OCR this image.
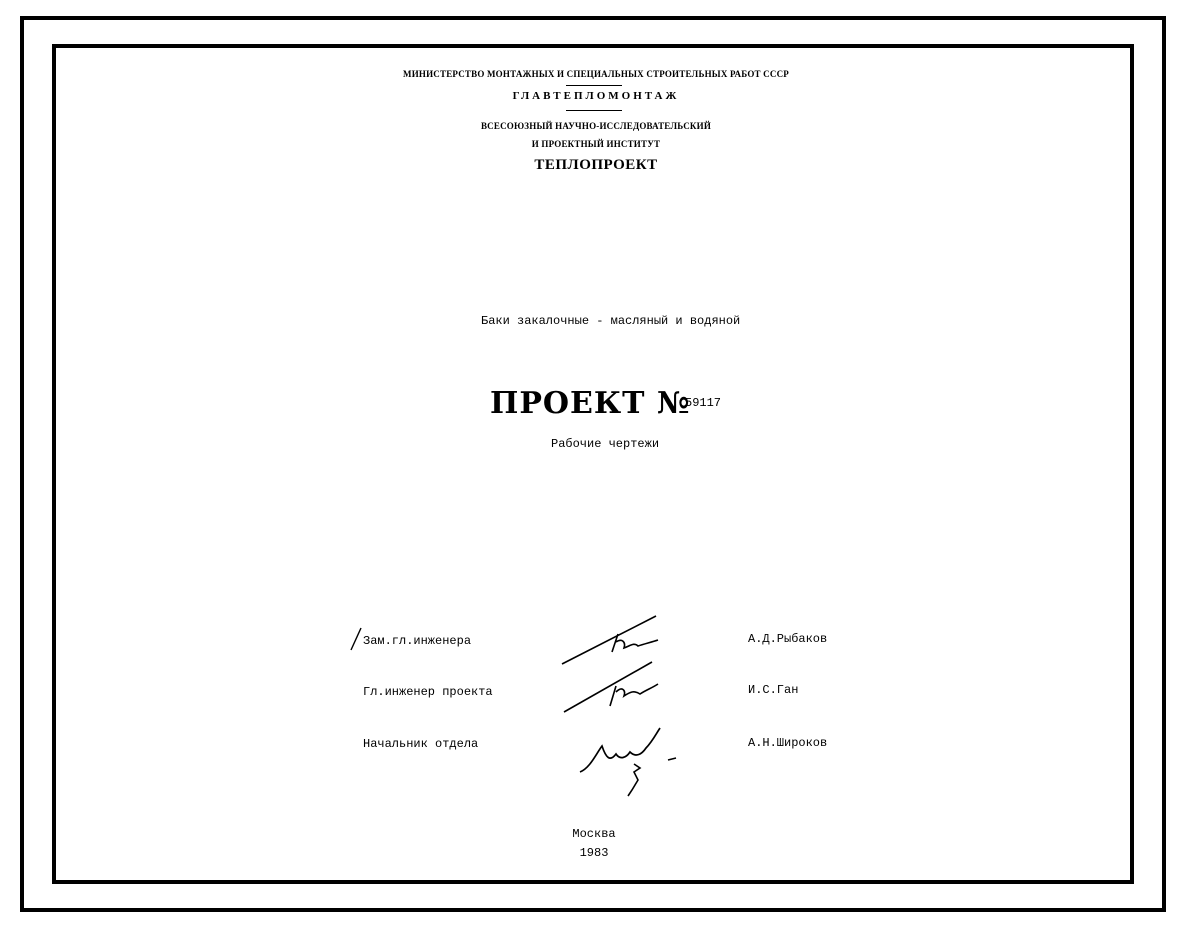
МИНИСТЕРСТВО МОНТАЖНЫХ И СПЕЦИАЛЬНЫХ СТРОИТЕЛЬНЫХ РАБОТ СССР
ГЛАВТЕПЛОМОНТАЖ
ВСЕСОЮЗНЫЙ НАУЧНО-ИССЛЕДОВАТЕЛЬСКИЙ
И ПРОЕКТНЫЙ ИНСТИТУТ
ТЕПЛОПРОЕКТ
Баки закалочные - масляный и водяной
ПРОЕКТ №
59117
Рабочие чертежи
Зам.гл.инженера	А.Д.Рыбаков
Гл.инженер проекта	И.С.Ган
Начальник отдела	А.Н.Широков
Москва
1983
